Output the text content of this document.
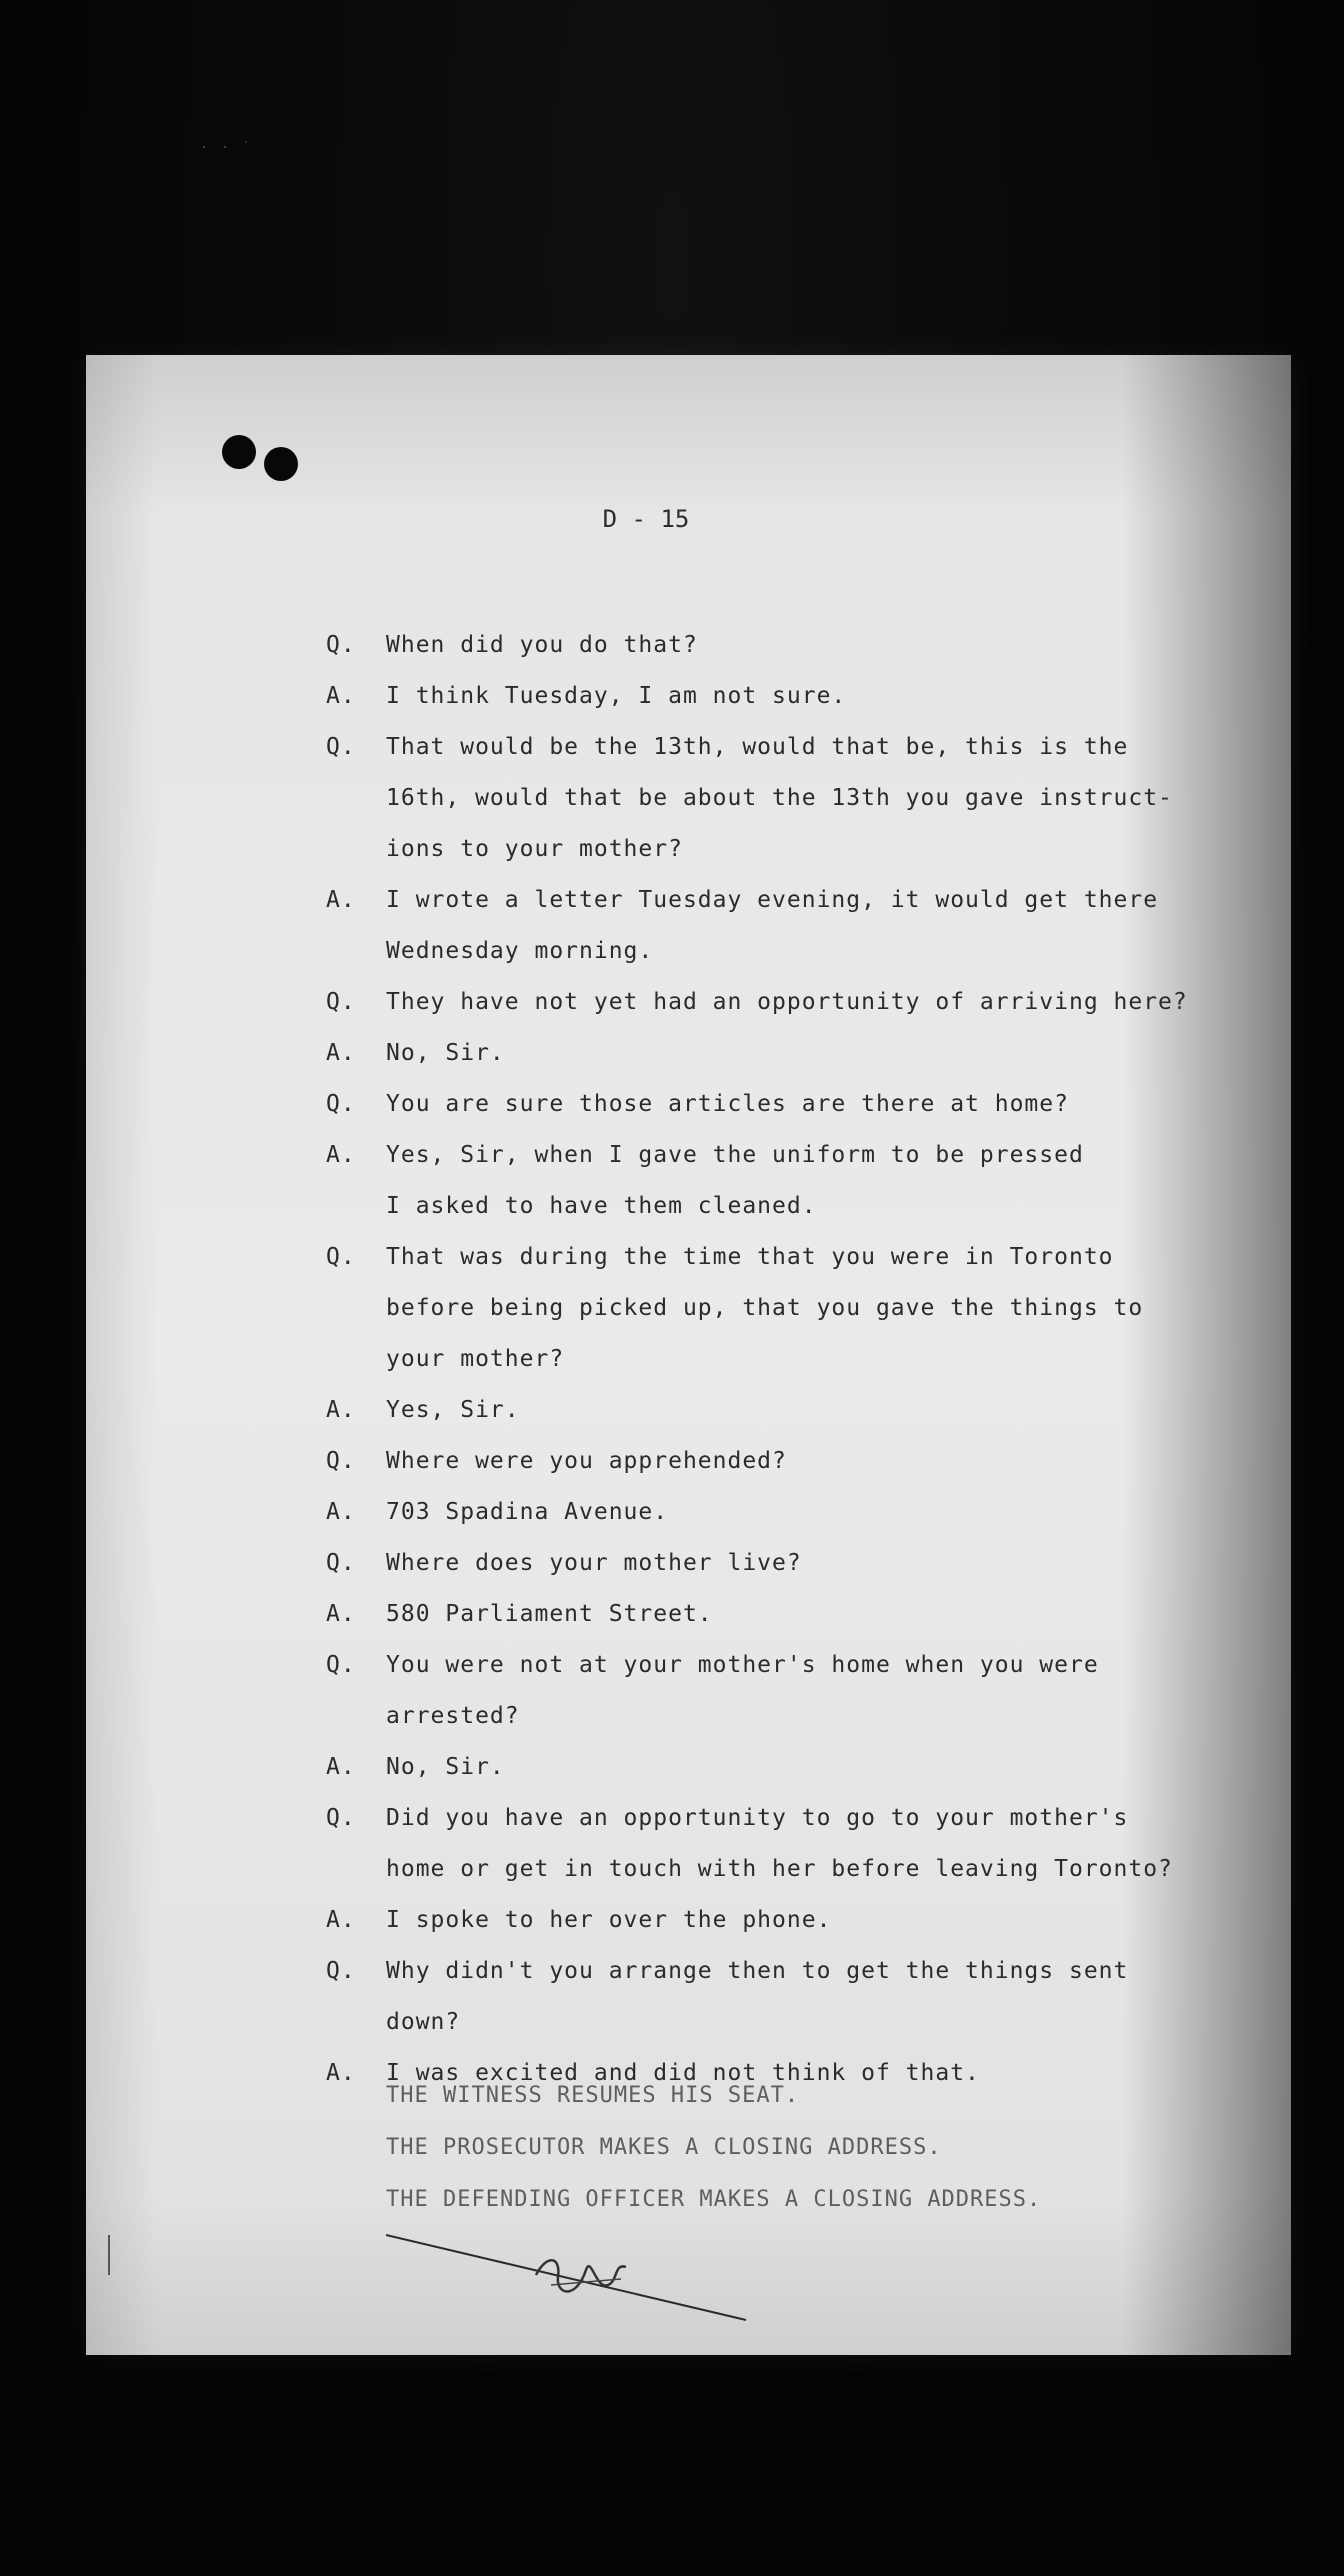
· · ˙
D - 15
Q.	When did you do that?
A.	I think Tuesday, I am not sure.
Q.	That would be the 13th, would that be, this is the
16th, would that be about the 13th you gave instruct-
ions to your mother?
A.	I wrote a letter Tuesday evening, it would get there
Wednesday morning.
Q.	They have not yet had an opportunity of arriving here?
A.	No, Sir.
Q.	You are sure those articles are there at home?
A.	Yes, Sir, when I gave the uniform to be pressed
I asked to have them cleaned.
Q.	That was during the time that you were in Toronto
before being picked up, that you gave the things to
your mother?
A.	Yes, Sir.
Q.	Where were you apprehended?
A.	703 Spadina Avenue.
Q.	Where does your mother live?
A.	580 Parliament Street.
Q.	You were not at your mother's home when you were
arrested?
A.	No, Sir.
Q.	Did you have an opportunity to go to your mother's
home or get in touch with her before leaving Toronto?
A.	I spoke to her over the phone.
Q.	Why didn't you arrange then to get the things sent
down?
A.	I was excited and did not think of that.
THE WITNESS RESUMES HIS SEAT.
THE PROSECUTOR MAKES A CLOSING ADDRESS.
THE DEFENDING OFFICER MAKES A CLOSING ADDRESS.
